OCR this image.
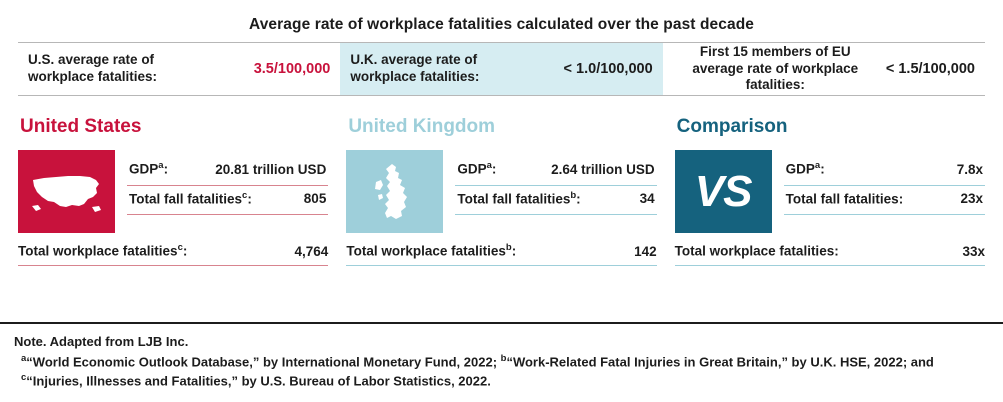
Average rate of workplace fatalities calculated over the past decade
U.S. average rate of workplace fatalities:	3.5/100,000
U.K. average rate of workplace fatalities:	< 1.0/100,000
First 15 members of EU average rate of workplace fatalities:
< 1.5/100,000
United States
GDP$^a$:	20.81 trillion USD
Total fall fatalities$^c$:	805
Total workplace fatalities$^c$:	4,764
United Kingdom
GDP$^a$:	2.64 trillion USD
Total fall fatalities$^b$:	34
Total workplace fatalities$^b$:	142
Comparison
VS	GDP$^a$:	7.8x
Total fall fatalities:	23x
Total workplace fatalities:	33x
Note. Adapted from LJB Inc.
$^a$“World Economic Outlook Database,” by International Monetary Fund, 2022; $^b$“Work-Related Fatal Injuries in Great Britain,” by U.K. HSE, 2022; and
$^c$“Injuries, Illnesses and Fatalities,” by U.S. Bureau of Labor Statistics, 2022.
